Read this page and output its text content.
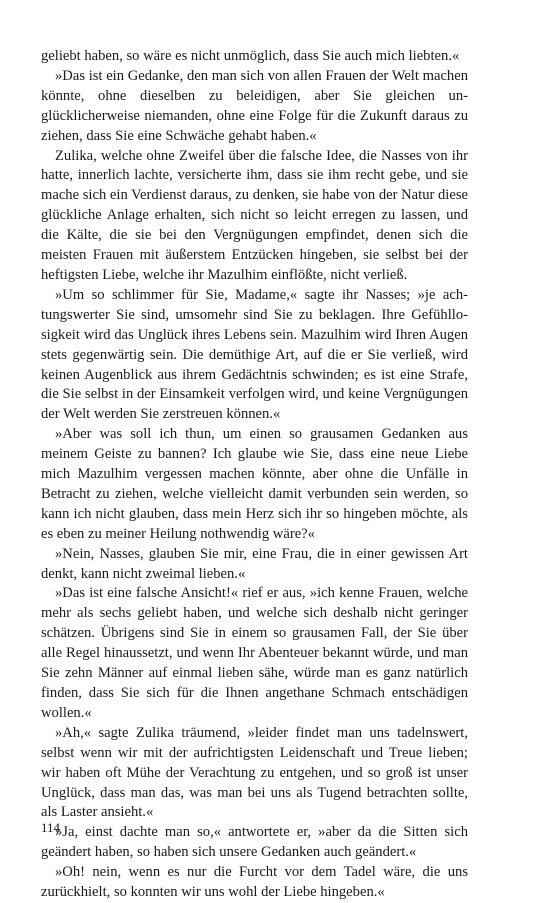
geliebt haben, so wäre es nicht unmöglich, dass Sie auch mich liebten.«

»Das ist ein Gedanke, den man sich von allen Frauen der Welt machen könnte, ohne dieselben zu beleidigen, aber Sie gleichen unglücklicherweise niemanden, ohne eine Folge für die Zukunft daraus zu ziehen, dass Sie eine Schwäche gehabt haben.«

Zulika, welche ohne Zweifel über die falsche Idee, die Nasses von ihr hatte, innerlich lachte, versicherte ihm, dass sie ihm recht gebe, und sie mache sich ein Verdienst daraus, zu denken, sie habe von der Natur diese glückliche Anlage erhalten, sich nicht so leicht erregen zu lassen, und die Kälte, die sie bei den Vergnügungen empfindet, denen sich die meisten Frauen mit äußerstem Entzücken hingeben, sie selbst bei der heftigsten Liebe, welche ihr Mazulhim einflößte, nicht verließ.

»Um so schlimmer für Sie, Madame,« sagte ihr Nasses; »je achtungswerter Sie sind, umsomehr sind Sie zu beklagen. Ihre Gefühllosigkeit wird das Unglück ihres Lebens sein. Mazulhim wird Ihren Augen stets gegenwärtig sein. Die demüthige Art, auf die er Sie verließ, wird keinen Augenblick aus ihrem Gedächtnis schwinden; es ist eine Strafe, die Sie selbst in der Einsamkeit verfolgen wird, und keine Vergnügungen der Welt werden Sie zerstreuen können.«

»Aber was soll ich thun, um einen so grausamen Gedanken aus meinem Geiste zu bannen? Ich glaube wie Sie, dass eine neue Liebe mich Mazulhim vergessen machen könnte, aber ohne die Unfälle in Betracht zu ziehen, welche vielleicht damit verbunden sein werden, so kann ich nicht glauben, dass mein Herz sich ihr so hingeben möchte, als es eben zu meiner Heilung nothwendig wäre?«

»Nein, Nasses, glauben Sie mir, eine Frau, die in einer gewissen Art denkt, kann nicht zweimal lieben.«

»Das ist eine falsche Ansicht!« rief er aus, »ich kenne Frauen, welche mehr als sechs geliebt haben, und welche sich deshalb nicht geringer schätzen. Übrigens sind Sie in einem so grausamen Fall, der Sie über alle Regel hinaussetzt, und wenn Ihr Abenteuer bekannt würde, und man Sie zehn Männer auf einmal lieben sähe, würde man es ganz natürlich finden, dass Sie sich für die Ihnen angethane Schmach entschädigen wollen.«

»Ah,« sagte Zulika träumend, »leider findet man uns tadelnswert, selbst wenn wir mit der aufrichtigsten Leidenschaft und Treue lieben; wir haben oft Mühe der Verachtung zu entgehen, und so groß ist unser Unglück, dass man das, was man bei uns als Tugend betrachten sollte, als Laster ansieht.«

»Ja, einst dachte man so,« antwortete er, »aber da die Sitten sich geändert haben, so haben sich unsere Gedanken auch geändert.«

»Oh! nein, wenn es nur die Furcht vor dem Tadel wäre, die uns zurückhielt, so konnten wir uns wohl der Liebe hingeben.«

114
